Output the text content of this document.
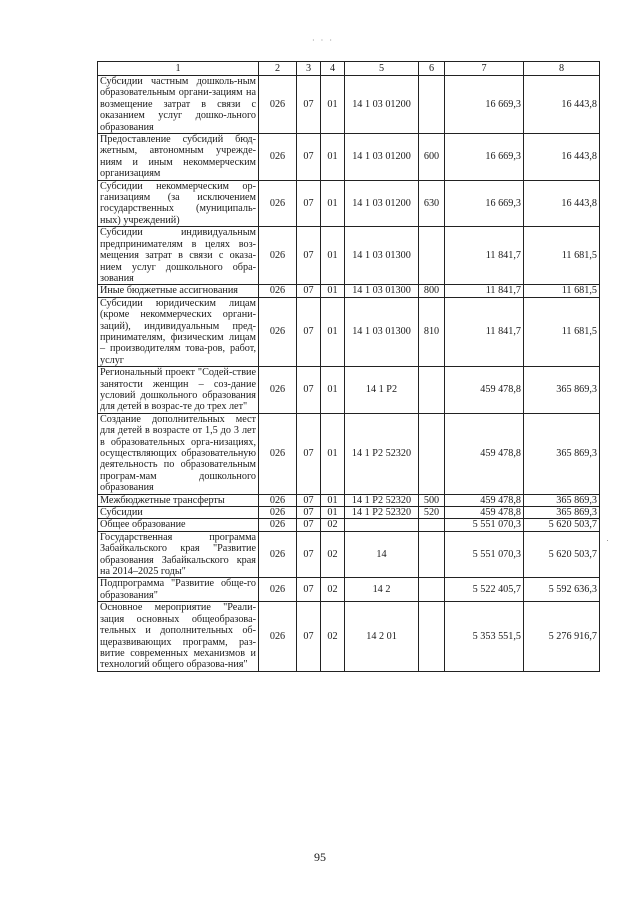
· · ·
1	2	3	4	5	6	7	8
Субсидии частным дошколь-ным образовательным органи-зациям на возмещение затрат в связи с оказанием услуг дошко-льного образования	026	07	01	14 1 03 01200		16 669,3	16 443,8
Предоставление субсидий бюд-жетным, автономным учрежде-ниям и иным некоммерческим организациям	026	07	01	14 1 03 01200	600	16 669,3	16 443,8
Субсидии некоммерческим ор-ганизациям (за исключением государственных (муниципаль-ных) учреждений)	026	07	01	14 1 03 01200	630	16 669,3	16 443,8
Субсидии индивидуальным предпринимателям в целях воз-мещения затрат в связи с оказа-нием услуг дошкольного обра-зования	026	07	01	14 1 03 01300		11 841,7	11 681,5
Иные бюджетные ассигнования	026	07	01	14 1 03 01300	800	11 841,7	11 681,5
Субсидии юридическим лицам (кроме некоммерческих органи-заций), индивидуальным пред-принимателям, физическим лицам – производителям това-ров, работ, услуг	026	07	01	14 1 03 01300	810	11 841,7	11 681,5
Региональный проект "Содей-ствие занятости женщин – соз-дание условий дошкольного образования для детей в возрас-те до трех лет"	026	07	01	14 1 P2		459 478,8	365 869,3
Создание дополнительных мест для детей в возрасте от 1,5 до 3 лет в образовательных орга-низациях, осуществляющих образовательную деятельность по образовательным програм-мам дошкольного образования	026	07	01	14 1 P2 52320		459 478,8	365 869,3
Межбюджетные трансферты	026	07	01	14 1 P2 52320	500	459 478,8	365 869,3
Субсидии	026	07	01	14 1 P2 52320	520	459 478,8	365 869,3
Общее образование	026	07	02			5 551 070,3	5 620 503,7
Государственная программа Забайкальского края "Развитие образования Забайкальского края на 2014–2025 годы"	026	07	02	14		5 551 070,3	5 620 503,7
Подпрограмма "Развитие обще-го образования"	026	07	02	14 2		5 522 405,7	5 592 636,3
Основное мероприятие "Реали-зация основных общеобразова-тельных и дополнительных об-щеразвивающих программ, раз-витие современных механизмов и технологий общего образова-ния"	026	07	02	14 2 01		5 353 551,5	5 276 916,7
95
